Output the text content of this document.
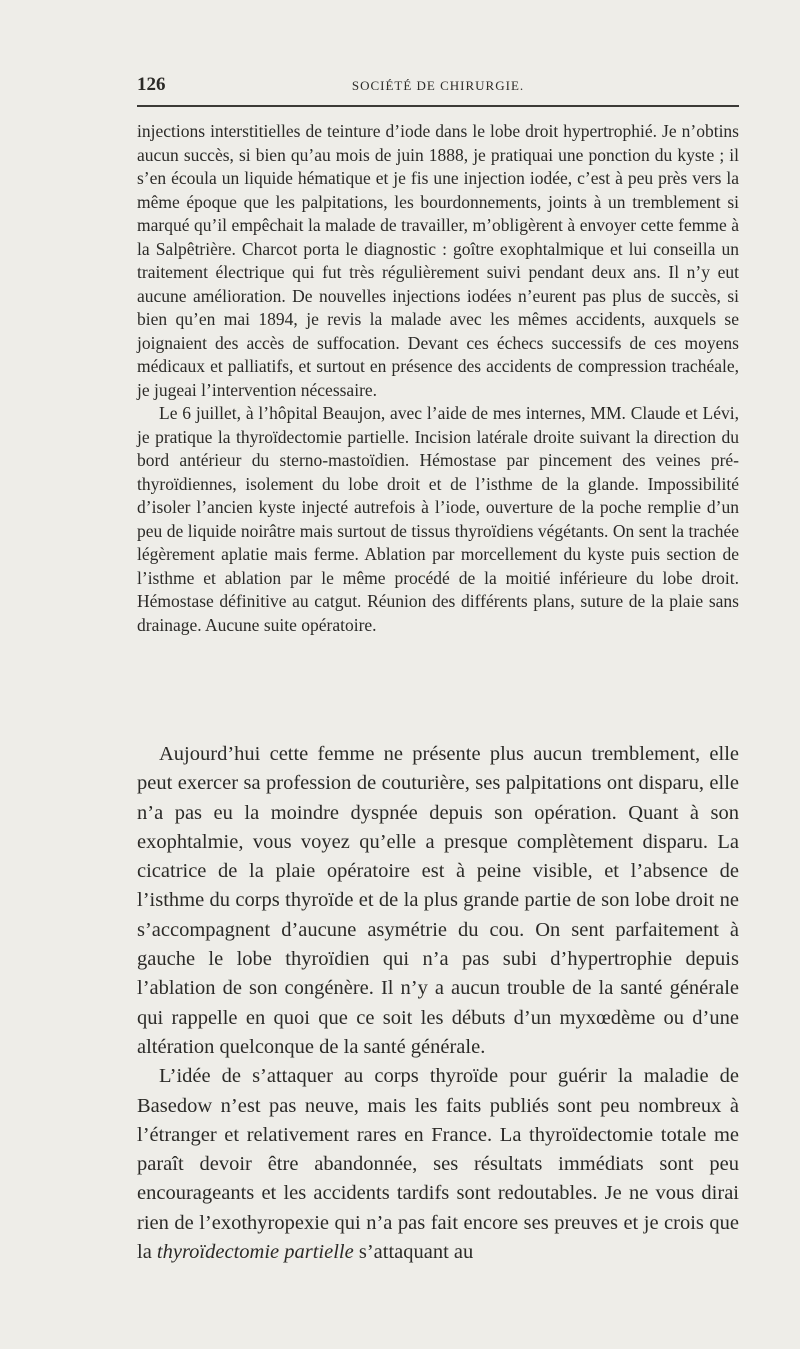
126	SOCIÉTÉ DE CHIRURGIE.

injections interstitielles de teinture d’iode dans le lobe droit hypertrophié. Je n’obtins aucun succès, si bien qu’au mois de juin 1888, je pratiquai une ponction du kyste ; il s’en écoula un liquide hématique et je fis une injection iodée, c’est à peu près vers la même époque que les palpitations, les bourdonnements, joints à un tremblement si marqué qu’il empêchait la malade de travailler, m’obligèrent à envoyer cette femme à la Salpêtrière. Charcot porta le diagnostic : goître exophtalmique et lui conseilla un traitement électrique qui fut très régulièrement suivi pendant deux ans. Il n’y eut aucune amélioration. De nouvelles injections iodées n’eurent pas plus de succès, si bien qu’en mai 1894, je revis la malade avec les mêmes accidents, auxquels se joignaient des accès de suffocation. Devant ces échecs successifs de ces moyens médicaux et palliatifs, et surtout en présence des accidents de compression trachéale, je jugeai l’intervention nécessaire.

Le 6 juillet, à l’hôpital Beaujon, avec l’aide de mes internes, MM. Claude et Lévi, je pratique la thyroïdectomie partielle. Incision latérale droite suivant la direction du bord antérieur du sterno-mastoïdien. Hémostase par pincement des veines pré-thyroïdiennes, isolement du lobe droit et de l’isthme de la glande. Impossibilité d’isoler l’ancien kyste injecté autrefois à l’iode, ouverture de la poche remplie d’un peu de liquide noirâtre mais surtout de tissus thyroïdiens végétants. On sent la trachée légèrement aplatie mais ferme. Ablation par morcellement du kyste puis section de l’isthme et ablation par le même procédé de la moitié inférieure du lobe droit. Hémostase définitive au catgut. Réunion des différents plans, suture de la plaie sans drainage. Aucune suite opératoire.

Aujourd’hui cette femme ne présente plus aucun tremblement, elle peut exercer sa profession de couturière, ses palpitations ont disparu, elle n’a pas eu la moindre dyspnée depuis son opération. Quant à son exophtalmie, vous voyez qu’elle a presque complètement disparu. La cicatrice de la plaie opératoire est à peine visible, et l’absence de l’isthme du corps thyroïde et de la plus grande partie de son lobe droit ne s’accompagnent d’aucune asymétrie du cou. On sent parfaitement à gauche le lobe thyroïdien qui n’a pas subi d’hypertrophie depuis l’ablation de son congénère. Il n’y a aucun trouble de la santé générale qui rappelle en quoi que ce soit les débuts d’un myxœdème ou d’une altération quelconque de la santé générale.

L’idée de s’attaquer au corps thyroïde pour guérir la maladie de Basedow n’est pas neuve, mais les faits publiés sont peu nombreux à l’étranger et relativement rares en France. La thyroïdectomie totale me paraît devoir être abandonnée, ses résultats immédiats sont peu encourageants et les accidents tardifs sont redoutables. Je ne vous dirai rien de l’exothyropexie qui n’a pas fait encore ses preuves et je crois que la thyroïdectomie partielle s’attaquant au
